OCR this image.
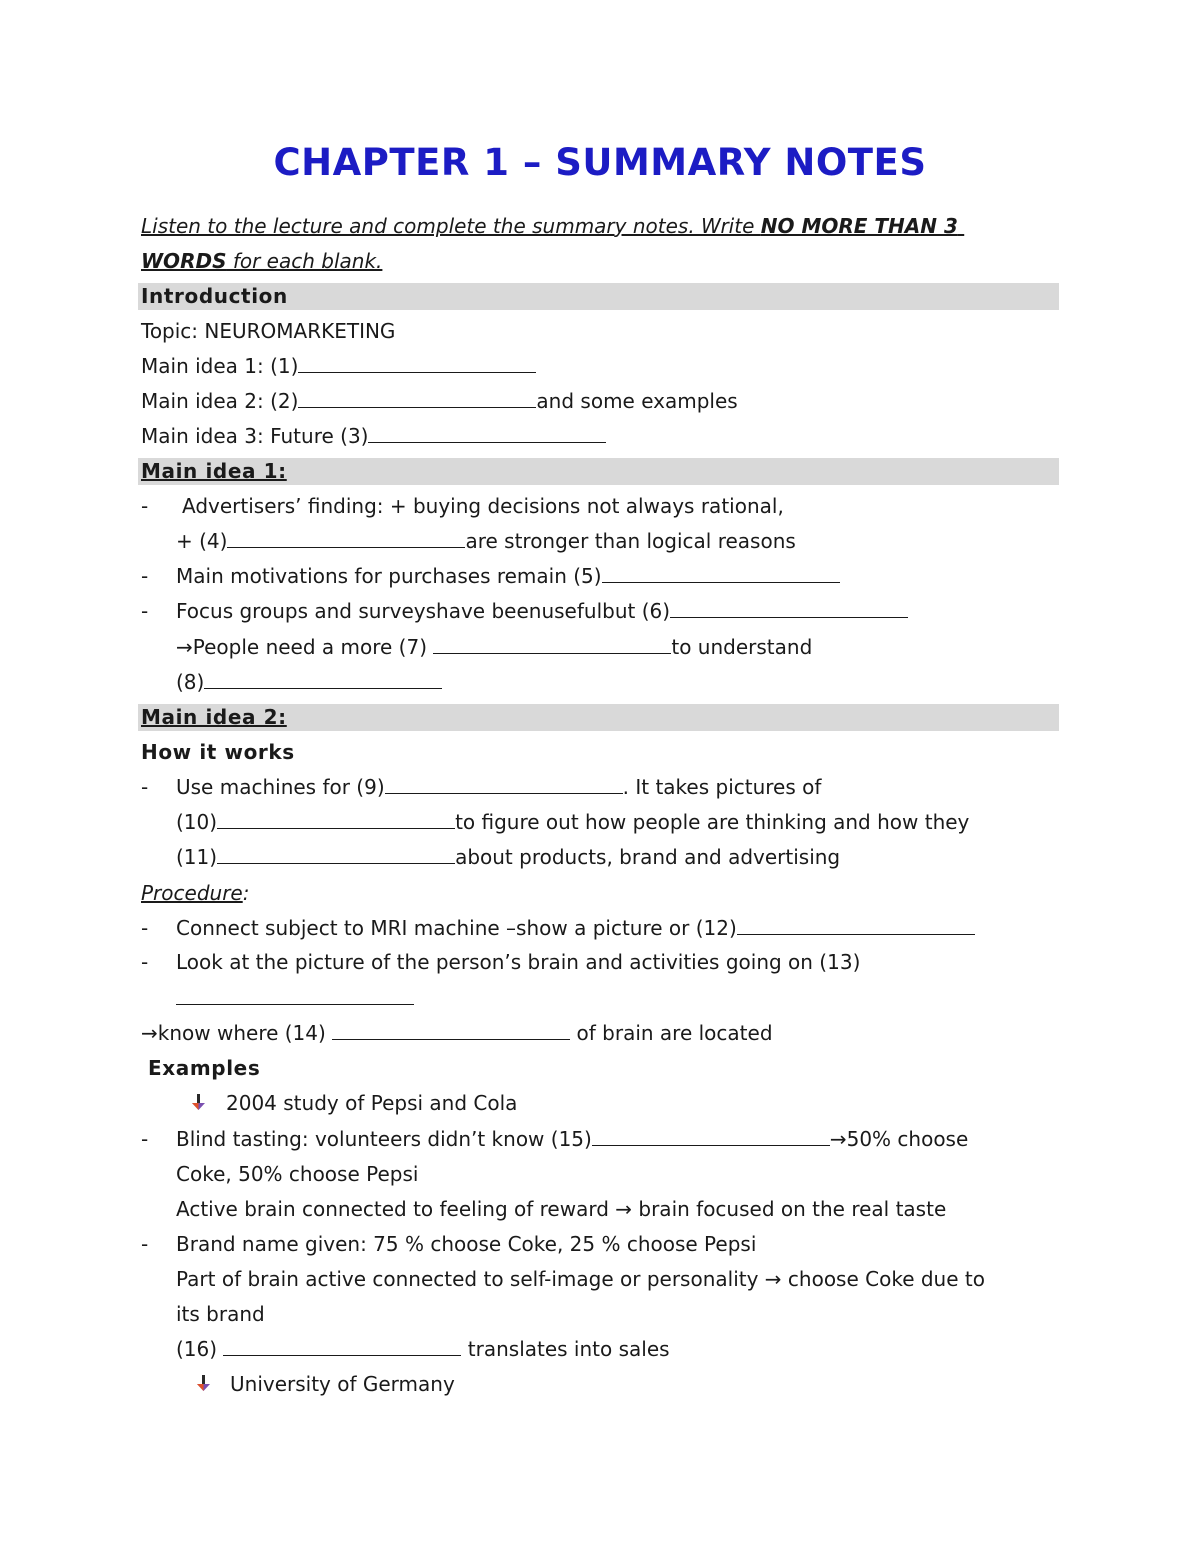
CHAPTER 1 – SUMMARY NOTES
Listen to the lecture and complete the summary notes. Write NO MORE THAN 3
WORDS for each blank.
Introduction
Topic: NEUROMARKETING
Main idea 1: (1)
Main idea 2: (2)	and some examples
Main idea 3: Future (3)
Main idea 1:
- Advertisers’ finding: + buying decisions not always rational,
+ (4)	are stronger than logical reasons
- Main motivations for purchases remain (5)
- Focus groups and surveyshave beenusefulbut (6)
→People need a more (7)	to understand
(8)
Main idea 2:
How it works
- Use machines for (9)	. It takes pictures of
(10)	to figure out how people are thinking and how they
(11)	about products, brand and advertising
Procedure:
- Connect subject to MRI machine –show a picture or (12)
- Look at the picture of the person’s brain and activities going on (13)
→know where (14)	of brain are located
Examples
2004 study of Pepsi and Cola
- Blind tasting: volunteers didn’t know (15)	→50% choose
Coke, 50% choose Pepsi
Active brain connected to feeling of reward → brain focused on the real taste
- Brand name given: 75 % choose Coke, 25 % choose Pepsi
Part of brain active connected to self-image or personality → choose Coke due to
its brand
(16)	translates into sales
University of Germany
